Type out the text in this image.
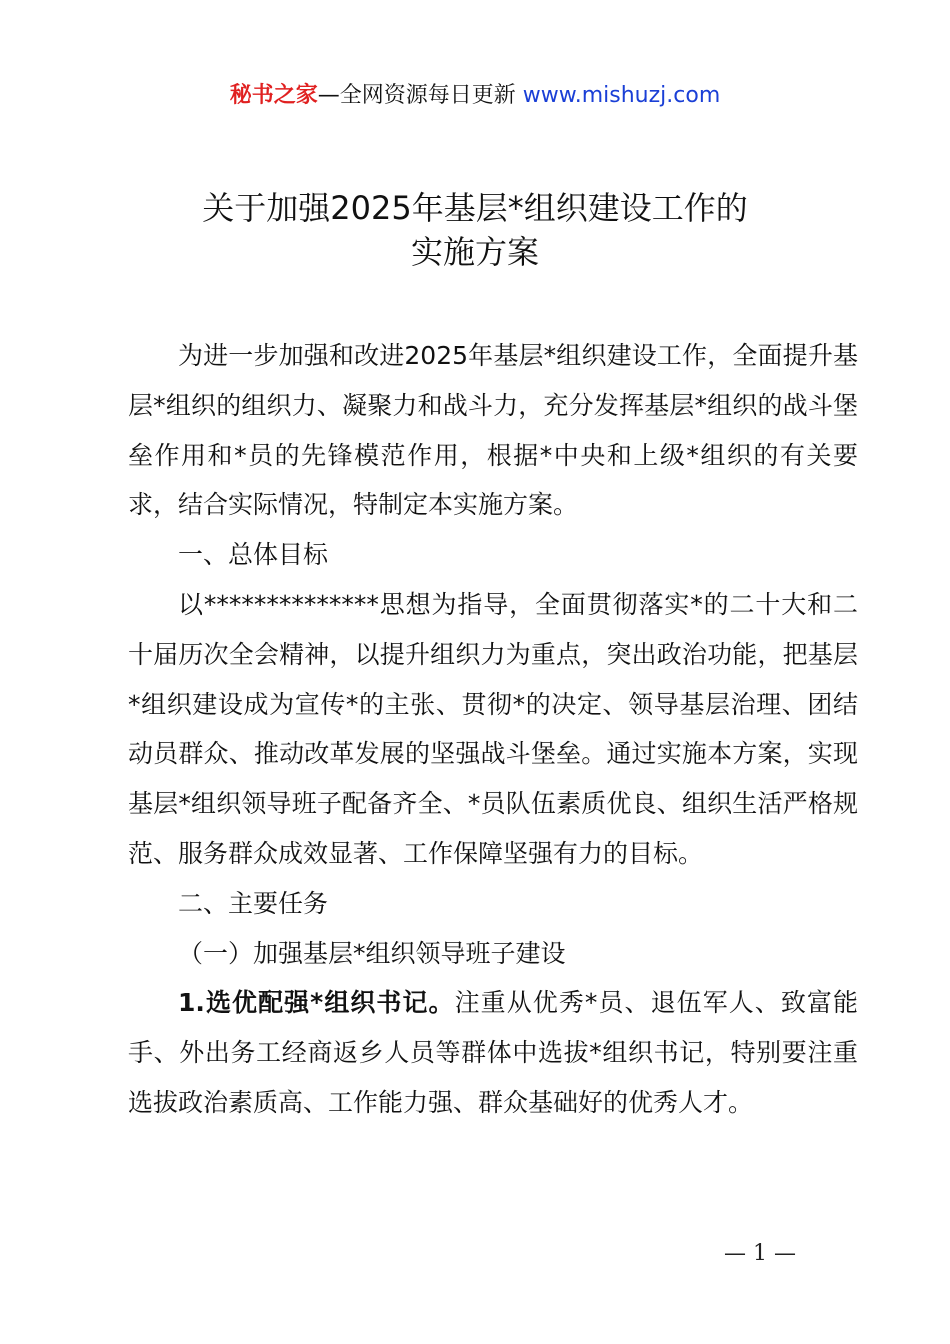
秘书之家—全网资源每日更新 www.mishuzj.com
关于加强2025年基层*组织建设工作的
实施方案

为进一步加强和改进2025年基层*组织建设工作，全面提升基层*组织的组织力、凝聚力和战斗力，充分发挥基层*组织的战斗堡垒作用和*员的先锋模范作用，根据*中央和上级*组织的有关要求，结合实际情况，特制定本实施方案。

一、总体目标

以**************思想为指导，全面贯彻落实*的二十大和二十届历次全会精神，以提升组织力为重点，突出政治功能，把基层*组织建设成为宣传*的主张、贯彻*的决定、领导基层治理、团结动员群众、推动改革发展的坚强战斗堡垒。通过实施本方案，实现基层*组织领导班子配备齐全、*员队伍素质优良、组织生活严格规范、服务群众成效显著、工作保障坚强有力的目标。

二、主要任务

（一）加强基层*组织领导班子建设

1.选优配强*组织书记。注重从优秀*员、退伍军人、致富能手、外出务工经商返乡人员等群体中选拔*组织书记，特别要注重选拔政治素质高、工作能力强、群众基础好的优秀人才。

— 1 —
